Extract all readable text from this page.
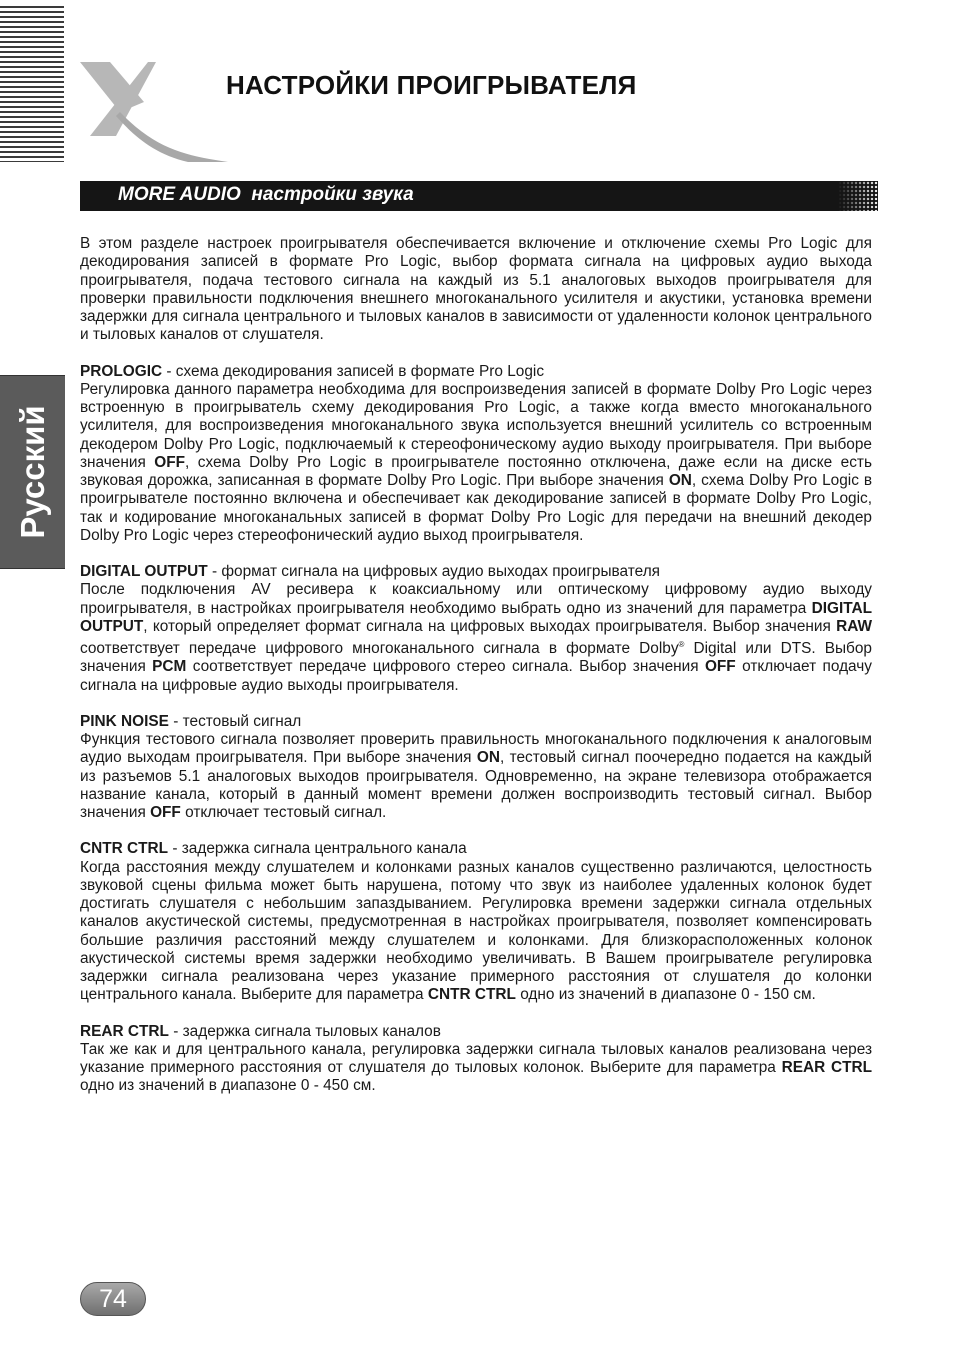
НАСТРОЙКИ ПРОИГРЫВАТЕЛЯ
MORE AUDIO  настройки звука
Русский

В этом разделе настроек проигрывателя обеспечивается включение и отключение схемы Pro Logic для декодирования записей в формате Pro Logic, выбор формата сигнала на цифровых аудио выхода проигрывателя, подача тестового сигнала на каждый из 5.1 аналоговых выходов проигрывателя для проверки правильности подключения внешнего многоканального усилителя и акустики, установка времени задержки для сигнала центрального и тыловых каналов в зависимости от удаленности колонок центрального и тыловых каналов от слушателя.

PROLOGIC - схема декодирования записей в формате Pro Logic

Регулировка данного параметра необходима для воспроизведения записей в формате Dolby Pro Logic через встроенную в проигрыватель схему декодирования Pro Logic, а также когда вместо многоканального усилителя, для воспроизведения многоканального звука используется внешний усилитель со встроенным декодером Dolby Pro Logic, подключаемый к стереофоническому аудио выходу проигрывателя. При выборе значения OFF, схема Dolby Pro Logic в проигрывателе постоянно отключена, даже если на диске есть звуковая дорожка, записанная в формате Dolby Pro Logic. При выборе значения ON, схема Dolby Pro Logic в проигрывателе постоянно включена и обеспечивает как декодирование записей в формате Dolby Pro Logic, так и кодирование многоканальных записей в формат Dolby Pro Logic для передачи на внешний декодер Dolby Pro Logic через стереофонический аудио выход проигрывателя.

DIGITAL OUTPUT - формат сигнала на цифровых аудио выходах проигрывателя

После подключения AV ресивера к коаксиальному или оптическому цифровому аудио выходу проигрывателя, в настройках проигрывателя необходимо выбрать одно из значений для параметра DIGITAL OUTPUT, который определяет формат сигнала на цифровых выходах проигрывателя. Выбор значения RAW соответствует передаче цифрового многоканального сигнала в формате Dolby® Digital или DTS. Выбор значения PCM соответствует передаче цифрового стерео сигнала. Выбор значения OFF отключает подачу сигнала на цифровые аудио выходы проигрывателя.

PINK NOISE - тестовый сигнал

Функция тестового сигнала позволяет проверить правильность многоканального подключения к аналоговым аудио выходам проигрывателя. При выборе значения ON, тестовый сигнал поочередно подается на каждый из разъемов 5.1 аналоговых выходов проигрывателя. Одновременно, на экране телевизора отображается название канала, который в данный момент времени должен воспроизводить тестовый сигнал. Выбор значения OFF отключает тестовый сигнал.

CNTR CTRL - задержка сигнала центрального канала

Когда расстояния между слушателем и колонками разных каналов существенно различаются, целостность звуковой сцены фильма может быть нарушена, потому что звук из наиболее удаленных колонок будет достигать слушателя с небольшим запаздыванием. Регулировка времени задержки сигнала отдельных каналов акустической системы, предусмотренная в настройках проигрывателя, позволяет компенсировать большие различия расстояний между слушателем и колонками. Для близкорасположенных колонок акустической системы время задержки необходимо увеличивать. В Вашем проигрывателе регулировка задержки сигнала реализована через указание примерного расстояния от слушателя до колонки центрального канала. Выберите для параметра CNTR CTRL одно из значений в диапазоне 0 - 150 см.

REAR CTRL - задержка сигнала тыловых каналов

Так же как и для центрального канала, регулировка задержки сигнала тыловых каналов реализована через указание примерного расстояния от слушателя до тыловых колонок. Выберите для параметра REAR CTRL одно из значений в диапазоне 0 - 450 см.

74
